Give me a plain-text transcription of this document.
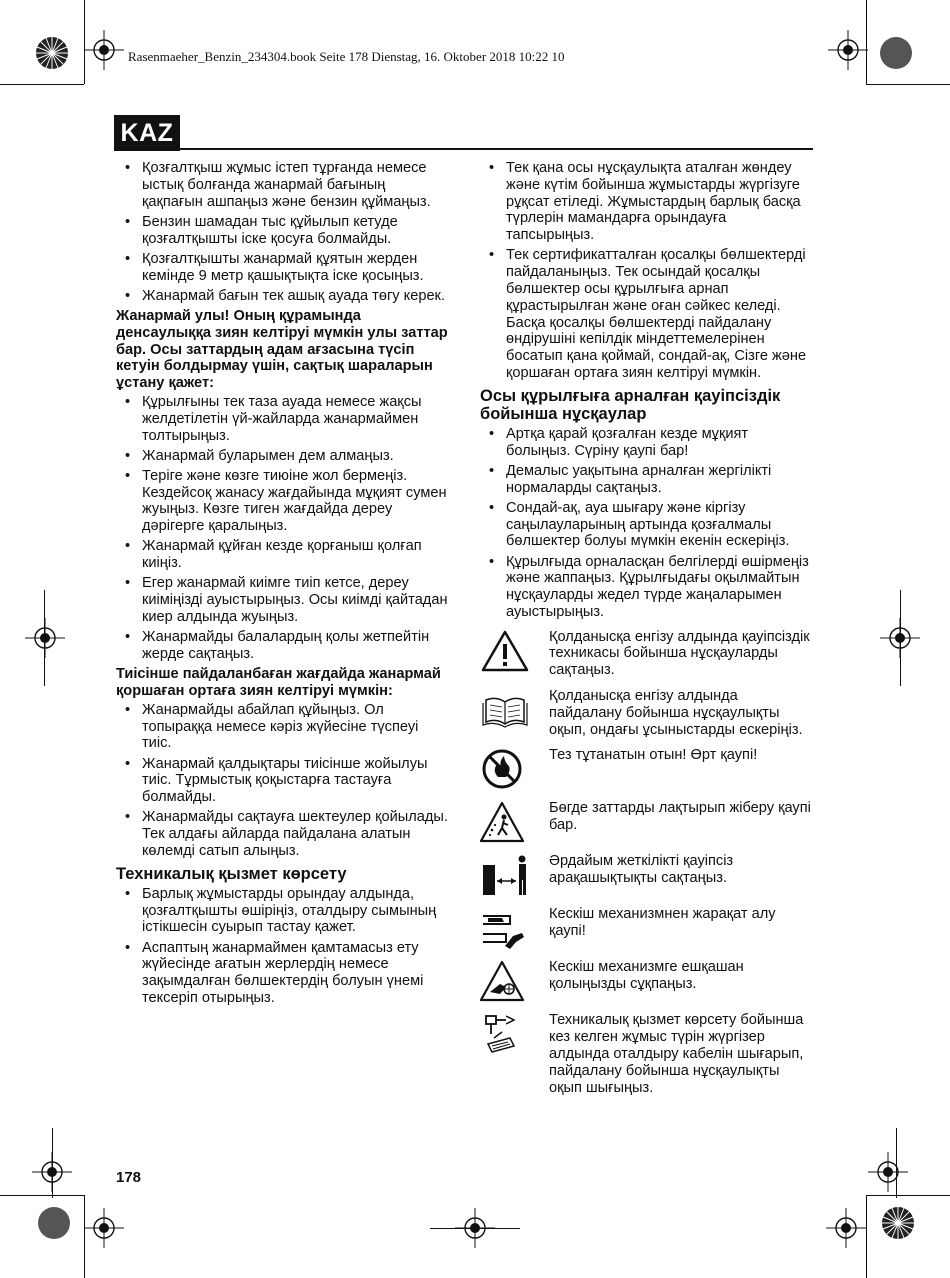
Rasenmaeher_Benzin_234304.book Seite 178 Dienstag, 16. Oktober 2018 10:22 10
KAZ
• Қозғалтқыш жұмыс істеп тұрғанда немесе ыстық болғанда жанармай бағының қақпағын ашпаңыз және бензин құймаңыз.
• Бензин шамадан тыс құйылып кетуде қозғалтқышты іске қосуға болмайды.
• Қозғалтқышты жанармай құятын жерден кемінде 9 метр қашықтықта іске қосыңыз.
• Жанармай бағын тек ашық ауада төгу керек.
Жанармай улы! Оның құрамында денсаулыққа зиян келтіруі мүмкін улы заттар бар. Осы заттардың адам ағзасына түсіп кетуін болдырмау үшін, сақтық шараларын ұстану қажет:
• Құрылғыны тек таза ауада немесе жақсы желдетілетін үй-жайларда жанармаймен толтырыңыз.
• Жанармай буларымен дем алмаңыз.
• Теріге және көзге тиюіне жол бермеңіз. Кездейсоқ жанасу жағдайында мұқият сумен жуыңыз. Көзге тиген жағдайда дереу дәрігерге қаралыңыз.
• Жанармай құйған кезде қорғаныш қолғап киіңіз.
• Егер жанармай киімге тиіп кетсе, дереу киіміңізді ауыстырыңыз. Осы киімді қайтадан киер алдында жуыңыз.
• Жанармайды балалардың қолы жетпейтін жерде сақтаңыз.
Тиісінше пайдаланбаған жағдайда жанармай қоршаған ортаға зиян келтіруі мүмкін:
• Жанармайды абайлап құйыңыз. Ол топыраққа немесе кәріз жүйесіне түспеуі тиіс.
• Жанармай қалдықтары тиісінше жойылуы тиіс. Тұрмыстық қоқыстарға тастауға болмайды.
• Жанармайды сақтауға шектеулер қойылады. Тек алдағы айларда пайдалана алатын көлемді сатып алыңыз.
Техникалық қызмет көрсету
• Барлық жұмыстарды орындау алдында, қозғалтқышты өшіріңіз, оталдыру сымының істікшесін суырып тастау қажет.
• Аспаптың жанармаймен қамтамасыз ету жүйесінде ағатын жерлердің немесе зақымдалған бөлшектердің болуын үнемі тексеріп отырыңыз.
• Тек қана осы нұсқаулықта аталған жөндеу және күтім бойынша жұмыстарды жүргізуге рұқсат етіледі. Жұмыстардың барлық басқа түрлерін мамандарға орындауға тапсырыңыз.
• Тек сертификатталған қосалқы бөлшектерді пайдаланыңыз. Тек осындай қосалқы бөлшектер осы құрылғыға арнап құрастырылған және оған сәйкес келеді. Басқа қосалқы бөлшектерді пайдалану өндірушіні кепілдік міндеттемелерінен босатып қана қоймай, сондай-ақ, Сізге және қоршаған ортаға зиян келтіруі мүмкін.
Осы құрылғыға арналған қауіпсіздік бойынша нұсқаулар
• Артқа қарай қозғалған кезде мұқият болыңыз. Сүріну қаупі бар!
• Демалыс уақытына арналған жергілікті нормаларды сақтаңыз.
• Сондай-ақ, ауа шығару және кіргізу саңылауларының артында қозғалмалы бөлшектер болуы мүмкін екенін ескеріңіз.
• Құрылғыда орналасқан белгілерді өшірмеңіз және жаппаңыз. Құрылғыдағы оқылмайтын нұсқауларды жедел түрде жаңаларымен ауыстырыңыз.
Қолданысқа енгізу алдында қауіпсіздік техникасы бойынша нұсқауларды сақтаңыз.
Қолданысқа енгізу алдында пайдалану бойынша нұсқаулықты оқып, ондағы ұсыныстарды ескеріңіз.
Тез тұтанатын отын! Өрт қаупі!
Бөгде заттарды лақтырып жіберу қаупі бар.
Әрдайым жеткілікті қауіпсіз арақашықтықты сақтаңыз.
Кескіш механизмнен жарақат алу қаупі!
Кескіш механизмге ешқашан қолыңызды сұқпаңыз.
Техникалық қызмет көрсету бойынша кез келген жұмыс түрін жүргізер алдында оталдыру кабелін шығарып, пайдалану бойынша нұсқаулықты оқып шығыңыз.
178
